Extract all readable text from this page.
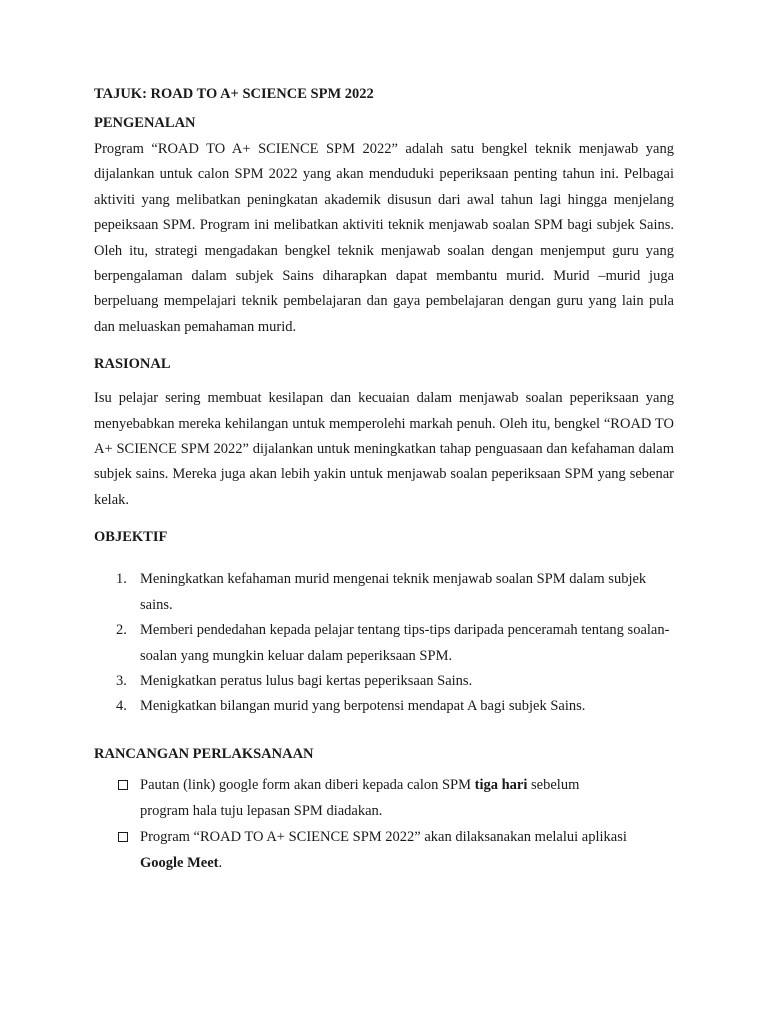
TAJUK: ROAD TO A+ SCIENCE SPM 2022

PENGENALAN

Program “ROAD TO A+ SCIENCE SPM 2022” adalah satu bengkel teknik menjawab yang dijalankan untuk calon SPM 2022 yang akan menduduki peperiksaan penting tahun ini. Pelbagai aktiviti yang melibatkan peningkatan akademik disusun dari awal tahun lagi hingga menjelang pepeiksaan SPM. Program ini melibatkan aktiviti teknik menjawab soalan SPM bagi subjek Sains. Oleh itu, strategi mengadakan bengkel teknik menjawab soalan dengan menjemput guru yang berpengalaman dalam subjek Sains diharapkan dapat membantu murid. Murid –murid juga berpeluang mempelajari teknik pembelajaran dan gaya pembelajaran dengan guru yang lain pula dan meluaskan pemahaman murid.

RASIONAL

Isu pelajar sering membuat kesilapan dan kecuaian dalam menjawab soalan peperiksaan yang menyebabkan mereka kehilangan untuk memperolehi markah penuh. Oleh itu, bengkel “ROAD TO A+ SCIENCE SPM 2022” dijalankan untuk meningkatkan tahap penguasaan dan kefahaman dalam subjek sains. Mereka juga akan lebih yakin untuk menjawab soalan peperiksaan SPM yang sebenar kelak.

OBJEKTIF

1. Meningkatkan kefahaman murid mengenai teknik menjawab soalan SPM dalam subjek sains.
2. Memberi pendedahan kepada pelajar tentang tips-tips daripada penceramah tentang soalan-soalan yang mungkin keluar dalam peperiksaan SPM.
3. Menigkatkan peratus lulus bagi kertas peperiksaan Sains.
4. Menigkatkan bilangan murid yang berpotensi mendapat A bagi subjek Sains.

RANCANGAN PERLAKSANAAN

Pautan (link) google form akan diberi kepada calon SPM tiga hari sebelum
program hala tuju lepasan SPM diadakan.
Program “ROAD TO A+ SCIENCE SPM 2022” akan dilaksanakan melalui aplikasi
Google Meet.
